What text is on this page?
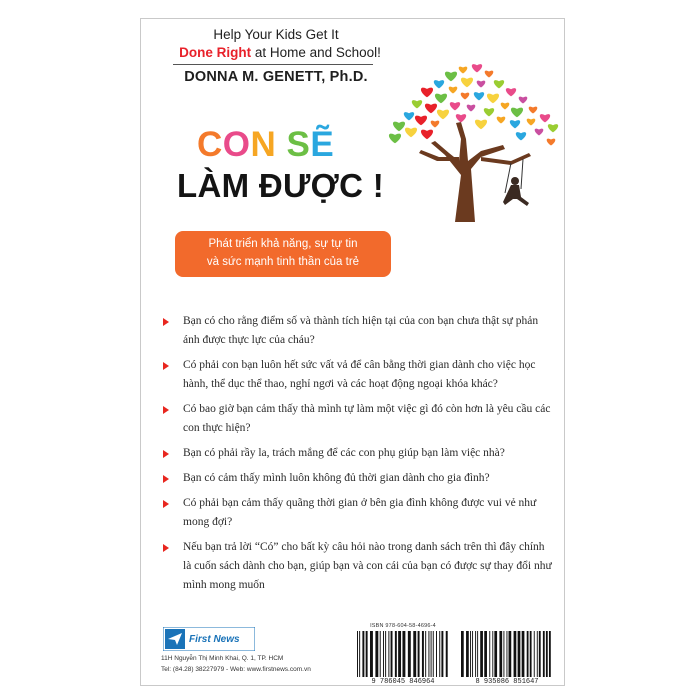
Help Your Kids Get It
Done Right at Home and School!
DONNA M. GENETT, Ph.D.
CON SẼ
LÀM ĐƯỢC !
Phát triển khả năng, sự tự tin
và sức mạnh tinh thần của trẻ
Bạn có cho rằng điểm số và thành tích hiện tại của con bạn chưa thật sự phản ánh được thực lực của cháu?
Có phải con bạn luôn hết sức vất vả để cân bằng thời gian dành cho việc học hành, thể dục thể thao, nghỉ ngơi và các hoạt động ngoại khóa khác?
Có bao giờ bạn cảm thấy thà mình tự làm một việc gì đó còn hơn là yêu cầu các con thực hiện?
Bạn có phải rầy la, trách mắng để các con phụ giúp bạn làm việc nhà?
Bạn có cảm thấy mình luôn không đủ thời gian dành cho gia đình?
Có phải bạn cảm thấy quãng thời gian ở bên gia đình không được vui vẻ như mong đợi?
Nếu bạn trả lời “Có” cho bất kỳ câu hỏi nào trong danh sách trên thì đây chính là cuốn sách dành cho bạn, giúp bạn và con cái của bạn có được sự thay đổi như mình mong muốn
First News
11H Nguyễn Thị Minh Khai, Q. 1, TP. HCM
Tel: (84.28) 38227979 - Web: www.firstnews.com.vn
ISBN 978-604-58-4696-4
9 786045 846964	8 935086 851647
